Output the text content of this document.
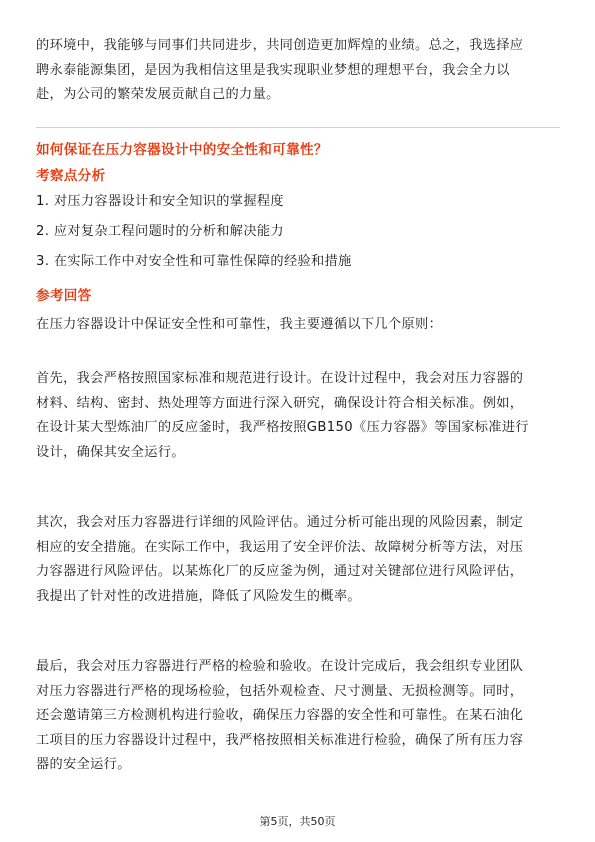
的环境中，我能够与同事们共同进步，共同创造更加辉煌的业绩。总之，我选择应
聘永泰能源集团，是因为我相信这里是我实现职业梦想的理想平台，我会全力以
赴，为公司的繁荣发展贡献自己的力量。
如何保证在压力容器设计中的安全性和可靠性？
考察点分析
1. 对压力容器设计和安全知识的掌握程度
2. 应对复杂工程问题时的分析和解决能力
3. 在实际工作中对安全性和可靠性保障的经验和措施
参考回答
在压力容器设计中保证安全性和可靠性，我主要遵循以下几个原则：
首先，我会严格按照国家标准和规范进行设计。在设计过程中，我会对压力容器的
材料、结构、密封、热处理等方面进行深入研究，确保设计符合相关标准。例如，
在设计某大型炼油厂的反应釜时，我严格按照GB150《压力容器》等国家标准进行
设计，确保其安全运行。
其次，我会对压力容器进行详细的风险评估。通过分析可能出现的风险因素，制定
相应的安全措施。在实际工作中，我运用了安全评价法、故障树分析等方法，对压
力容器进行风险评估。以某炼化厂的反应釜为例，通过对关键部位进行风险评估，
我提出了针对性的改进措施，降低了风险发生的概率。
最后，我会对压力容器进行严格的检验和验收。在设计完成后，我会组织专业团队
对压力容器进行严格的现场检验，包括外观检查、尺寸测量、无损检测等。同时，
还会邀请第三方检测机构进行验收，确保压力容器的安全性和可靠性。在某石油化
工项目的压力容器设计过程中，我严格按照相关标准进行检验，确保了所有压力容
器的安全运行。
第5页，共50页
